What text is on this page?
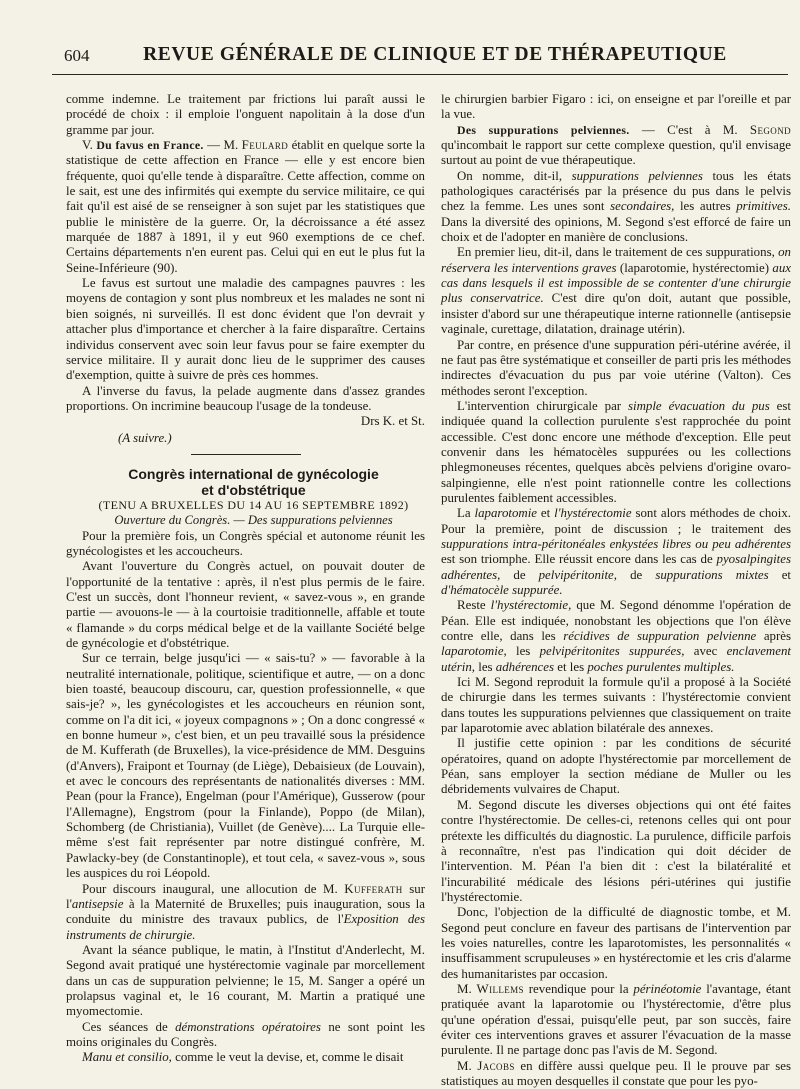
604	REVUE GÉNÉRALE DE CLINIQUE ET DE THÉRAPEUTIQUE

comme indemne. Le traitement par frictions lui paraît aussi le procédé de choix : il emploie l'onguent napolitain à la dose d'un gramme par jour.

V. Du favus en France. — M. Feulard établit en quelque sorte la statistique de cette affection en France — elle y est encore bien fréquente, quoi qu'elle tende à disparaître. Cette affection, comme on le sait, est une des infirmités qui exempte du service militaire, ce qui fait qu'il est aisé de se renseigner à son sujet par les statistiques que publie le ministère de la guerre. Or, la décroissance a été assez marquée de 1887 à 1891, il y eut 960 exemptions de ce chef. Certains départements n'en eurent pas. Celui qui en eut le plus fut la Seine-Inférieure (90).

Le favus est surtout une maladie des campagnes pauvres : les moyens de contagion y sont plus nombreux et les malades ne sont ni bien soignés, ni surveillés. Il est donc évident que l'on devrait y attacher plus d'importance et chercher à la faire disparaître. Certains individus conservent avec soin leur favus pour se faire exempter du service militaire. Il y aurait donc lieu de le supprimer des causes d'exemption, quitte à suivre de près ces hommes.

A l'inverse du favus, la pelade augmente dans d'assez grandes proportions. On incrimine beaucoup l'usage de la tondeuse.

Drs K. et St.

(A suivre.)

Congrès international de gynécologie

et d'obstétrique

(TENU A BRUXELLES DU 14 AU 16 SEPTEMBRE 1892)

Ouverture du Congrès. — Des suppurations pelviennes

Pour la première fois, un Congrès spécial et autonome réunit les gynécologistes et les accoucheurs.

Avant l'ouverture du Congrès actuel, on pouvait douter de l'opportunité de la tentative : après, il n'est plus permis de le faire. C'est un succès, dont l'honneur revient, « savez-vous », en grande partie — avouons-le — à la courtoisie traditionnelle, affable et toute « flamande » du corps médical belge et de la vaillante Société belge de gynécologie et d'obstétrique.

Sur ce terrain, belge jusqu'ici — « sais-tu? » — favorable à la neutralité internationale, politique, scientifique et autre, — on a donc bien toasté, beaucoup discouru, car, question professionnelle, « que sais-je? », les gynécologistes et les accoucheurs en réunion sont, comme on l'a dit ici, « joyeux compagnons » ; On a donc congressé « en bonne humeur », c'est bien, et un peu travaillé sous la présidence de M. Kufferath (de Bruxelles), la vice-présidence de MM. Desguins (d'Anvers), Fraipont et Tournay (de Liège), Debaisieux (de Louvain), et avec le concours des représentants de nationalités diverses : MM. Pean (pour la France), Engelman (pour l'Amérique), Gusserow (pour l'Allemagne), Engstrom (pour la Finlande), Poppo (de Milan), Schomberg (de Christiania), Vuillet (de Genève).... La Turquie elle-même s'est fait représenter par notre distingué confrère, M. Pawlacky-bey (de Constantinople), et tout cela, « savez-vous », sous les auspices du roi Léopold.

Pour discours inaugural, une allocution de M. Kufferath sur l'antisepsie à la Maternité de Bruxelles; puis inauguration, sous la conduite du ministre des travaux publics, de l'Exposition des instruments de chirurgie.

Avant la séance publique, le matin, à l'Institut d'Anderlecht, M. Segond avait pratiqué une hystérectomie vaginale par morcellement dans un cas de suppuration pelvienne; le 15, M. Sanger a opéré un prolapsus vaginal et, le 16 courant, M. Martin a pratiqué une myomectomie.

Ces séances de démonstrations opératoires ne sont point les moins originales du Congrès.

Manu et consilio, comme le veut la devise, et, comme le disait

le chirurgien barbier Figaro : ici, on enseigne et par l'oreille et par la vue.

Des suppurations pelviennes. — C'est à M. Segond qu'incombait le rapport sur cette complexe question, qu'il envisage surtout au point de vue thérapeutique.

On nomme, dit-il, suppurations pelviennes tous les états pathologiques caractérisés par la présence du pus dans le pelvis chez la femme. Les unes sont secondaires, les autres primitives. Dans la diversité des opinions, M. Segond s'est efforcé de faire un choix et de l'adopter en manière de conclusions.

En premier lieu, dit-il, dans le traitement de ces suppurations, on réservera les interventions graves (laparotomie, hystérectomie) aux cas dans lesquels il est impossible de se contenter d'une chirurgie plus conservatrice. C'est dire qu'on doit, autant que possible, insister d'abord sur une thérapeutique interne rationnelle (antisepsie vaginale, curettage, dilatation, drainage utérin).

Par contre, en présence d'une suppuration péri-utérine avérée, il ne faut pas être systématique et conseiller de parti pris les méthodes indirectes d'évacuation du pus par voie utérine (Valton). Ces méthodes seront l'exception.

L'intervention chirurgicale par simple évacuation du pus est indiquée quand la collection purulente s'est rapprochée du point accessible. C'est donc encore une méthode d'exception. Elle peut convenir dans les hématocèles suppurées ou les collections phlegmoneuses récentes, quelques abcès pelviens d'origine ovaro-salpingienne, elle n'est point rationnelle contre les collections purulentes faiblement accessibles.

La laparotomie et l'hystérectomie sont alors méthodes de choix. Pour la première, point de discussion ; le traitement des suppurations intra-péritonéales enkystées libres ou peu adhérentes est son triomphe. Elle réussit encore dans les cas de pyosalpingites adhérentes, de pelvipéritonite, de suppurations mixtes et d'hématocèle suppurée.

Reste l'hystérectomie, que M. Segond dénomme l'opération de Péan. Elle est indiquée, nonobstant les objections que l'on élève contre elle, dans les récidives de suppuration pelvienne après laparotomie, les pelvipéritonites suppurées, avec enclavement utérin, les adhérences et les poches purulentes multiples.

Ici M. Segond reproduit la formule qu'il a proposé à la Société de chirurgie dans les termes suivants : l'hystérectomie convient dans toutes les suppurations pelviennes que classiquement on traite par laparotomie avec ablation bilatérale des annexes.

Il justifie cette opinion : par les conditions de sécurité opératoires, quand on adopte l'hystérectomie par morcellement de Péan, sans employer la section médiane de Muller ou les débridements vulvaires de Chaput.

M. Segond discute les diverses objections qui ont été faites contre l'hystérectomie. De celles-ci, retenons celles qui ont pour prétexte les difficultés du diagnostic. La purulence, difficile parfois à reconnaître, n'est pas l'indication qui doit décider de l'intervention. M. Péan l'a bien dit : c'est la bilatéralité et l'incurabilité médicale des lésions péri-utérines qui justifie l'hystérectomie.

Donc, l'objection de la difficulté de diagnostic tombe, et M. Segond peut conclure en faveur des partisans de l'intervention par les voies naturelles, contre les laparotomistes, les personnalités « insuffisamment scrupuleuses » en hystérectomie et les cris d'alarme des humanitaristes par occasion.

M. Willems revendique pour la périnéotomie l'avantage, étant pratiquée avant la laparotomie ou l'hystérectomie, d'être plus qu'une opération d'essai, puisqu'elle peut, par son succès, faire éviter ces interventions graves et assurer l'évacuation de la masse purulente. Il ne partage donc pas l'avis de M. Segond.

M. Jacobs en diffère aussi quelque peu. Il le prouve par ses statistiques au moyen desquelles il constate que pour les pyo-
